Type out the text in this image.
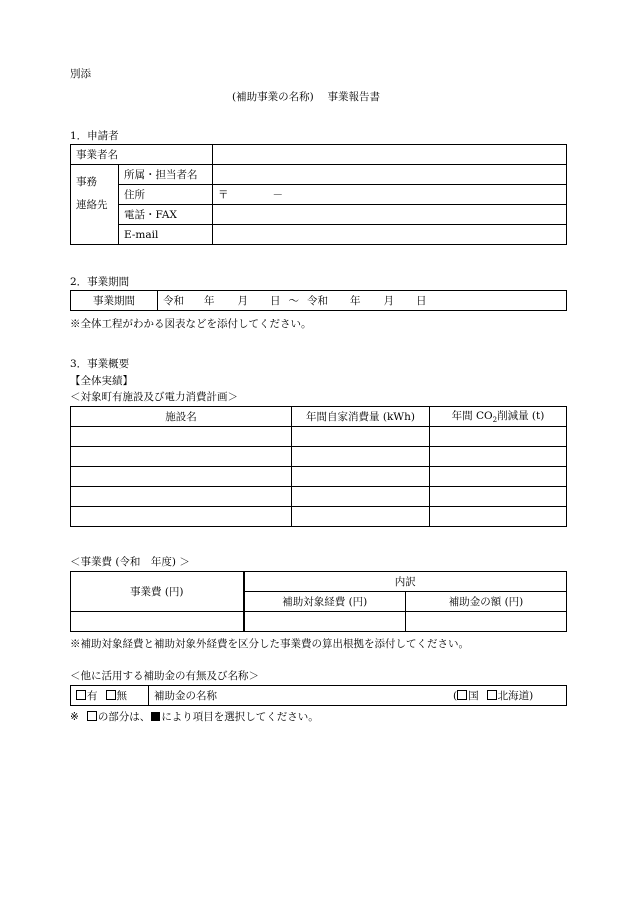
別添
(補助事業の名称)　 事業報告書
1．申請者
事業者名		

事務
連絡先	所属・担当者名	
	住所	〒 －
	電話・FAX	
	E-mail	
2．事業期間
事業期間	令和 年 月 日 ～ 令和 年 月 日
※全体工程がわかる図表などを添付してください。
3．事業概要
【全体実績】
＜対象町有施設及び電力消費計画＞
施設名	年間自家消費量 (kWh)	年間 $CO_2$削減量 (t)

＜事業費 (令和　年度) ＞
事業費 (円)	内訳	
	補助対象経費 (円)	補助金の額 (円)

※補助対象経費と補助対象外経費を区分した事業費の算出根拠を添付してください。
＜他に活用する補助金の有無及び名称＞
有 無	補助金の名称	( 国 北海道)
※ の部分は、 により項目を選択してください。
